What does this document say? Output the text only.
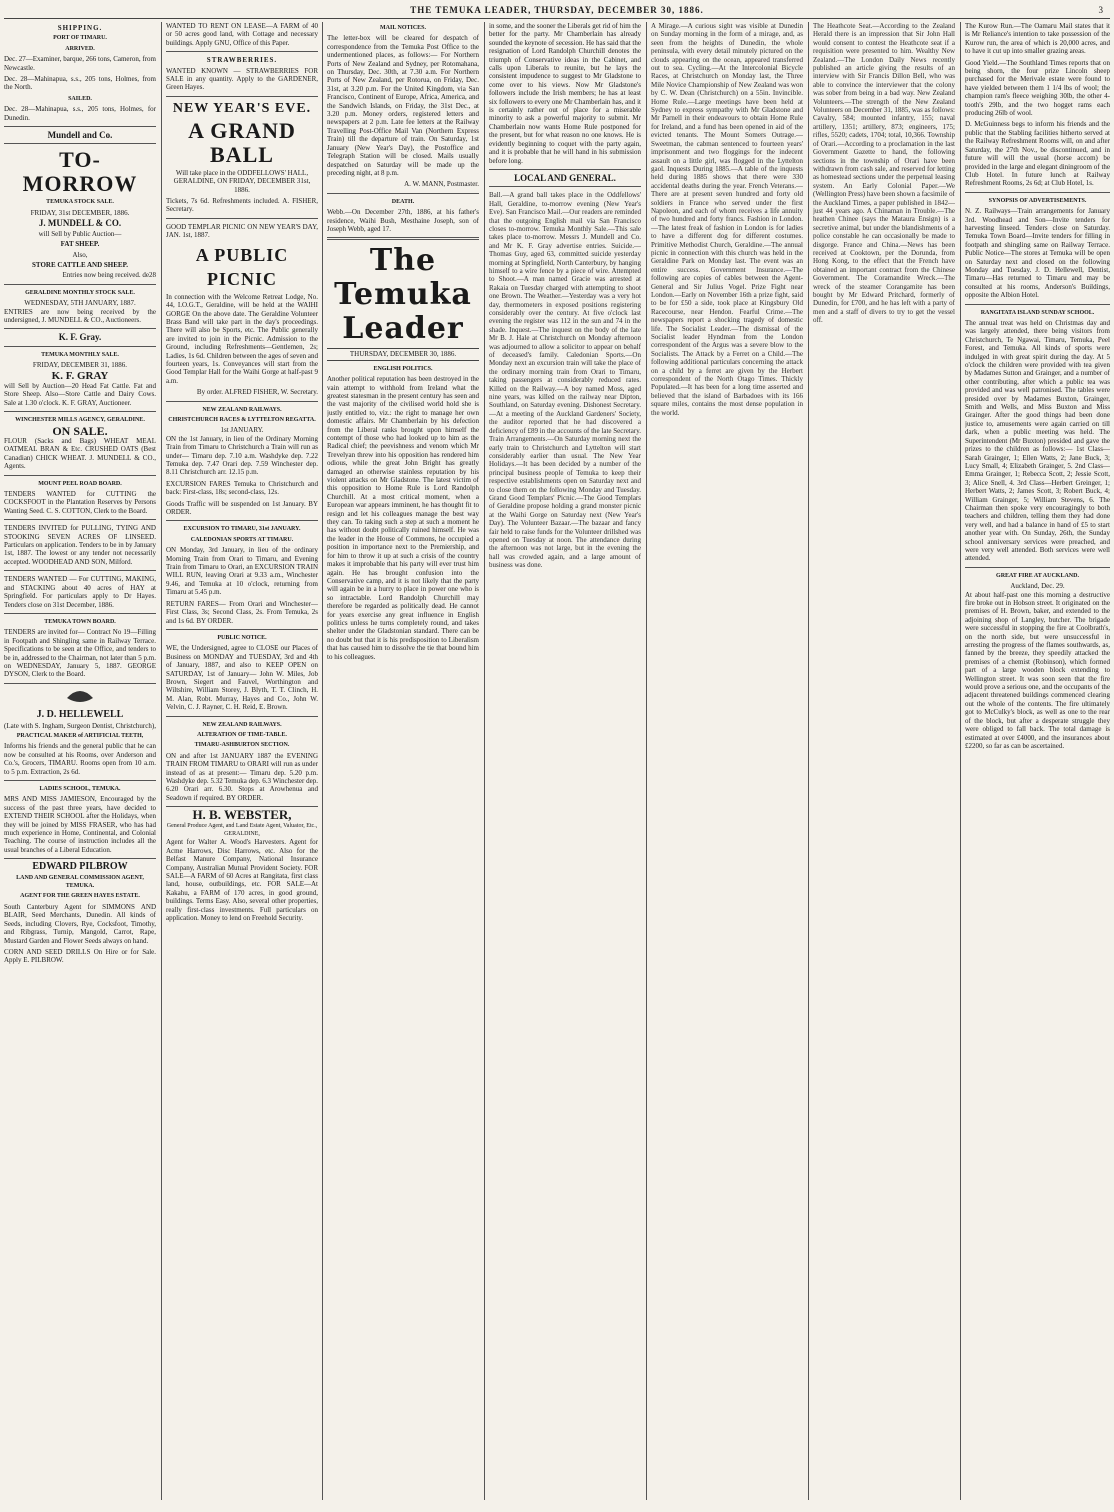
THE TEMUKA LEADER, THURSDAY, DECEMBER 30, 1886.	3
SHIPPING.
PORT OF TIMARU.
ARRIVED.

Dec. 27—Examiner, barque, 266 tons, Cameron, from Newcastle.

Dec. 28—Mahinapua, s.s., 205 tons, Holmes, from the North.

SAILED.

Dec. 28—Mahinapua, s.s., 205 tons, Holmes, for Dunedin.

Mundell and Co.
TO-MORROW
TEMUKA STOCK SALE.
FRIDAY, 31st DECEMBER, 1886.
J. MUNDELL & CO.
will Sell by Public Auction—
FAT SHEEP.
Also,
STORE CATTLE AND SHEEP.
Entries now being received. de28
GERALDINE MONTHLY STOCK SALE.
WEDNESDAY, 5TH JANUARY, 1887.

ENTRIES are now being received by the undersigned, J. MUNDELL & CO., Auctioneers.

K. F. Gray.
TEMUKA MONTHLY SALE.
FRIDAY, DECEMBER 31, 1886.
K. F. GRAY

will Sell by Auction—20 Head Fat Cattle. Fat and Store Sheep. Also—Store Cattle and Dairy Cows. Sale at 1.30 o'clock. K. F. GRAY, Auctioneer.

WINCHESTER MILLS AGENCY, GERALDINE.
ON SALE.

FLOUR (Sacks and Bags) WHEAT MEAL OATMEAL BRAN & Etc. CRUSHED OATS (Best Canadian) CHICK WHEAT. J. MUNDELL & CO., Agents.

MOUNT PEEL ROAD BOARD.

TENDERS WANTED for CUTTING the COCKSFOOT in the Plantation Reserves by Persons Wanting Seed. C. S. COTTON, Clerk to the Board.

TENDERS INVITED for PULLING, TYING AND STOOKING SEVEN ACRES OF LINSEED. Particulars on application. Tenders to be in by January 1st, 1887. The lowest or any tender not necessarily accepted. WOODHEAD AND SON, Milford.

TENDERS WANTED — For CUTTING, MAKING, and STACKING about 40 acres of HAY at Springfield. For particulars apply to Dr Hayes. Tenders close on 31st December, 1886.

TEMUKA TOWN BOARD.

TENDERS are invited for— Contract No 19—Filling in Footpath and Shingling same in Railway Terrace. Specifications to be seen at the Office, and tenders to be in, addressed to the Chairman, not later than 5 p.m. on WEDNESDAY, January 5, 1887. GEORGE DYSON, Clerk to the Board.

J. D. HELLEWELL
(Late with S. Ingham, Surgeon Dentist, Christchurch),
PRACTICAL MAKER of ARTIFICIAL TEETH,

Informs his friends and the general public that he can now be consulted at his Rooms, over Anderson and Co.'s, Grocers, TIMARU. Rooms open from 10 a.m. to 5 p.m. Extraction, 2s 6d.

LADIES SCHOOL, TEMUKA.

MRS AND MISS JAMIESON, Encouraged by the success of the past three years, have decided to EXTEND THEIR SCHOOL after the Holidays, when they will be joined by MISS FRASER, who has had much experience in Home, Continental, and Colonial Teaching. The course of instruction includes all the usual branches of a Liberal Education.

EDWARD PILBROW
LAND AND GENERAL COMMISSION AGENT, TEMUKA.
AGENT FOR THE GREEN HAYES ESTATE.

South Canterbury Agent for SIMMONS AND BLAIR, Seed Merchants, Dunedin. All kinds of Seeds, including Clovers, Rye, Cocksfoot, Timothy, and Ribgrass, Turnip, Mangold, Carrot, Rape, Mustard Garden and Flower Seeds always on hand.

CORN AND SEED DRILLS On Hire or for Sale. Apply E. PILBROW.

WANTED TO RENT ON LEASE—A FARM of 40 or 50 acres good land, with Cottage and necessary buildings. Apply GNU, Office of this Paper.

STRAWBERRIES.

WANTED KNOWN — STRAWBERRIES FOR SALE in any quantity. Apply to the GARDENER, Green Hayes.

NEW YEAR'S EVE.
A GRAND BALL

Will take place in the ODDFELLOWS' HALL, GERALDINE, ON FRIDAY, DECEMBER 31st, 1886.

Tickets, 7s 6d. Refreshments included. A. FISHER, Secretary.

GOOD TEMPLAR PICNIC ON NEW YEAR'S DAY, JAN. 1st, 1887.

A PUBLIC PICNIC

In connection with the Welcome Retreat Lodge, No. 44, I.O.G.T., Geraldine, will be held at the WAIHI GORGE On the above date. The Geraldine Volunteer Brass Band will take part in the day's proceedings. There will also be Sports, etc. The Public generally are invited to join in the Picnic. Admission to the Ground, including Refreshments—Gentlemen, 2s; Ladies, 1s 6d. Children between the ages of seven and fourteen years, 1s. Conveyances will start from the Good Templar Hall for the Waihi Gorge at half-past 9 a.m.

By order. ALFRED FISHER, W. Secretary.

NEW ZEALAND RAILWAYS.
CHRISTCHURCH RACES & LYTTELTON REGATTA.
1st JANUARY.

ON the 1st January, in lieu of the Ordinary Morning Train from Timaru to Christchurch a Train will run as under— Timaru dep. 7.10 a.m. Washdyke dep. 7.22 Temuka dep. 7.47 Orari dep. 7.59 Winchester dep. 8.11 Christchurch arr. 12.15 p.m.

EXCURSION FARES Temuka to Christchurch and back: First-class, 18s; second-class, 12s.

Goods Traffic will be suspended on 1st January. BY ORDER.

EXCURSION TO TIMARU, 31st JANUARY.
CALEDONIAN SPORTS AT TIMARU.

ON Monday, 3rd January, in lieu of the ordinary Morning Train from Orari to Timaru, and Evening Train from Timaru to Orari, an EXCURSION TRAIN WILL RUN, leaving Orari at 9.33 a.m., Winchester 9.46, and Temuka at 10 o'clock, returning from Timaru at 5.45 p.m.

RETURN FARES— From Orari and Winchester—First Class, 3s; Second Class, 2s. From Temuka, 2s and 1s 6d. BY ORDER.

PUBLIC NOTICE.

WE, the Undersigned, agree to CLOSE our Places of Business on MONDAY and TUESDAY, 3rd and 4th of January, 1887, and also to KEEP OPEN on SATURDAY, 1st of January— John W. Miles, Job Brown, Siegert and Fauvel, Worthington and Wiltshire, William Storey, J. Blyth, T. T. Clinch, H. M. Alan, Robt. Murray, Hayes and Co., John W. Velvin, C. J. Rayner, C. H. Reid, E. Brown.

NEW ZEALAND RAILWAYS.
ALTERATION OF TIME-TABLE.
TIMARU-ASHBURTON SECTION.

ON and after 1st JANUARY 1887 the EVENING TRAIN FROM TIMARU to ORARI will run as under instead of as at present:— Timaru dep. 5.20 p.m. Washdyke dep. 5.32 Temuka dep. 6.3 Winchester dep. 6.20 Orari arr. 6.30. Stops at Arowhenua and Seadown if required. BY ORDER.

H. B. WEBSTER,
General Produce Agent, and Land Estate Agent, Valuator, Etc., GERALDINE,

Agent for Walter A. Wood's Harvesters. Agent for Acme Harrows, Disc Harrows, etc. Also for the Belfast Manure Company, National Insurance Company, Australian Mutual Provident Society. FOR SALE—A FARM of 60 Acres at Rangitata, first class land, house, outbuildings, etc. FOR SALE—At Kakahu, a FARM of 170 acres, in good ground, buildings. Terms Easy. Also, several other properties, really first-class investments. Full particulars on application. Money to lend on Freehold Security.

MAIL NOTICES.

The letter-box will be cleared for despatch of correspondence from the Temuka Post Office to the undermentioned places, as follows:— For Northern Ports of New Zealand and Sydney, per Rotomahana, on Thursday, Dec. 30th, at 7.30 a.m. For Northern Ports of New Zealand, per Rotorua, on Friday, Dec. 31st, at 3.20 p.m. For the United Kingdom, via San Francisco, Continent of Europe, Africa, America, and the Sandwich Islands, on Friday, the 31st Dec., at 3.20 p.m. Money orders, registered letters and newspapers at 2 p.m. Late fee letters at the Railway Travelling Post-Office Mail Van (Northern Express Train) till the departure of train. On Saturday, 1st January (New Year's Day), the Postoffice and Telegraph Station will be closed. Mails usually despatched on Saturday will be made up the preceding night, at 8 p.m.

A. W. MANN, Postmaster.

DEATH.

Webb.—On December 27th, 1886, at his father's residence, Waihi Bush, Mesthaine Joseph, son of Joseph Webb, aged 17.

The Temuka Leader
THURSDAY, DECEMBER 30, 1886.
ENGLISH POLITICS.

Another political reputation has been destroyed in the vain attempt to withhold from Ireland what the greatest statesman in the present century has seen and the vast majority of the civilised world hold she is justly entitled to, viz.: the right to manage her own domestic affairs. Mr Chamberlain by his defection from the Liberal ranks brought upon himself the contempt of those who had looked up to him as the Radical chief; the peevishness and venom which Mr Trevelyan threw into his opposition has rendered him odious, while the great John Bright has greatly damaged an otherwise stainless reputation by his violent attacks on Mr Gladstone. The latest victim of this opposition to Home Rule is Lord Randolph Churchill. At a most critical moment, when a European war appears imminent, he has thought fit to resign and let his colleagues manage the best way they can. To taking such a step at such a moment he has without doubt politically ruined himself. He was the leader in the House of Commons, he occupied a position in importance next to the Premiership, and for him to throw it up at such a crisis of the country makes it improbable that his party will ever trust him again. He has brought confusion into the Conservative camp, and it is not likely that the party will again be in a hurry to place in power one who is so intractable. Lord Randolph Churchill may therefore be regarded as politically dead. He cannot for years exercise any great influence in English politics unless he turns completely round, and takes shelter under the Gladstonian standard. There can be no doubt but that it is his predisposition to Liberalism that has caused him to dissolve the tie that bound him to his colleagues.

in some, and the sooner the Liberals get rid of him the better for the party. Mr Chamberlain has already sounded the keynote of secession. He has said that the resignation of Lord Randolph Churchill denotes the triumph of Conservative ideas in the Cabinet, and calls upon Liberals to reunite, but he lays the consistent impudence to suggest to Mr Gladstone to come over to his views. Now Mr Gladstone's followers include the Irish members; he has at least six followers to every one Mr Chamberlain has, and it is certainly rather out of place for a miserable minority to ask a powerful majority to submit. Mr Chamberlain now wants Home Rule postponed for the present, but for what reason no one knows. He is evidently beginning to coquet with the party again, and it is probable that he will hand in his submission before long.

LOCAL AND GENERAL.

Ball.—A grand ball takes place in the Oddfellows' Hall, Geraldine, to-morrow evening (New Year's Eve). San Francisco Mail.—Our readers are reminded that the outgoing English mail via San Francisco closes to-morrow. Temuka Monthly Sale.—This sale takes place to-morrow. Messrs J. Mundell and Co. and Mr K. F. Gray advertise entries. Suicide.—Thomas Guy, aged 63, committed suicide yesterday morning at Springfield, North Canterbury, by hanging himself to a wire fence by a piece of wire. Attempted to Shoot.—A man named Gracie was arrested at Rakaia on Tuesday charged with attempting to shoot one Brown. The Weather.—Yesterday was a very hot day, thermometers in exposed positions registering considerably over the century. At five o'clock last evening the register was 112 in the sun and 74 in the shade. Inquest.—The inquest on the body of the late Mr B. J. Hale at Christchurch on Monday afternoon was adjourned to allow a solicitor to appear on behalf of deceased's family. Caledonian Sports.—On Monday next an excursion train will take the place of the ordinary morning train from Orari to Timaru, taking passengers at considerably reduced rates. Killed on the Railway.—A boy named Moss, aged nine years, was killed on the railway near Dipton, Southland, on Saturday evening. Dishonest Secretary.—At a meeting of the Auckland Gardeners' Society, the auditor reported that he had discovered a deficiency of £89 in the accounts of the late Secretary. Train Arrangements.—On Saturday morning next the early train to Christchurch and Lyttelton will start considerably earlier than usual. The New Year Holidays.—It has been decided by a number of the principal business people of Temuka to keep their respective establishments open on Saturday next and to close them on the following Monday and Tuesday. Grand Good Templars' Picnic.—The Good Templars of Geraldine propose holding a grand monster picnic at the Waihi Gorge on Saturday next (New Year's Day). The Volunteer Bazaar.—The bazaar and fancy fair held to raise funds for the Volunteer drillshed was opened on Tuesday at noon. The attendance during the afternoon was not large, but in the evening the hall was crowded again, and a large amount of business was done.

A Mirage.—A curious sight was visible at Dunedin on Sunday morning in the form of a mirage, and, as seen from the heights of Dunedin, the whole peninsula, with every detail minutely pictured on the clouds appearing on the ocean, appeared transferred out to sea. Cycling.—At the Intercolonial Bicycle Races, at Christchurch on Monday last, the Three Mile Novice Championship of New Zealand was won by C. W. Dean (Christchurch) on a 55in. Invincible. Home Rule.—Large meetings have been held at Sydney to express sympathy with Mr Gladstone and Mr Parnell in their endeavours to obtain Home Rule for Ireland, and a fund has been opened in aid of the evicted tenants. The Mount Somers Outrage.—Sweetman, the cabman sentenced to fourteen years' imprisonment and two floggings for the indecent assault on a little girl, was flogged in the Lyttelton gaol. Inquests During 1885.—A table of the inquests held during 1885 shows that there were 330 accidental deaths during the year. French Veterans.—There are at present seven hundred and forty old soldiers in France who served under the first Napoleon, and each of whom receives a life annuity of two hundred and forty francs. Fashion in London.—The latest freak of fashion in London is for ladies to have a different dog for different costumes. Primitive Methodist Church, Geraldine.—The annual picnic in connection with this church was held in the Geraldine Park on Monday last. The event was an entire success. Government Insurance.—The following are copies of cables between the Agent-General and Sir Julius Vogel. Prize Fight near London.—Early on November 16th a prize fight, said to be for £50 a side, took place at Kingsbury Old Racecourse, near Hendon. Fearful Crime.—The newspapers report a shocking tragedy of domestic life. The Socialist Leader.—The dismissal of the Socialist leader Hyndman from the London correspondent of the Argus was a severe blow to the Socialists. The Attack by a Ferret on a Child.—The following additional particulars concerning the attack on a child by a ferret are given by the Herbert correspondent of the North Otago Times. Thickly Populated.—It has been for a long time asserted and believed that the island of Barbadoes with its 166 square miles, contains the most dense population in the world.

The Heathcote Seat.—According to the Zealand Herald there is an impression that Sir John Hall would consent to contest the Heathcote seat if a requisition were presented to him. Wealthy New Zealand.—The London Daily News recently published an article giving the results of an interview with Sir Francis Dillon Bell, who was able to convince the interviewer that the colony was sober from being in a bad way. New Zealand Volunteers.—The strength of the New Zealand Volunteers on December 31, 1885, was as follows: Cavalry, 584; mounted infantry, 155; naval artillery, 1351; artillery, 873; engineers, 175; rifles, 5520; cadets, 1704; total, 10,366. Township of Orari.—According to a proclamation in the last Government Gazette to hand, the following sections in the township of Orari have been withdrawn from cash sale, and reserved for letting as homestead sections under the perpetual leasing system. An Early Colonial Paper.—We (Wellington Press) have been shown a facsimile of the Auckland Times, a paper published in 1842—just 44 years ago. A Chinaman in Trouble.—The heathen Chinee (says the Mataura Ensign) is a secretive animal, but under the blandishments of a police constable he can occasionally be made to disgorge. France and China.—News has been received at Cooktown, per the Dorunda, from Hong Kong, to the effect that the French have obtained an important contract from the Chinese Government. The Coramandite Wreck.—The wreck of the steamer Corangamite has been bought by Mr Edward Pritchard, formerly of Dunedin, for £700, and he has left with a party of men and a staff of divers to try to get the vessel off.

The Kurow Run.—The Oamaru Mail states that it is Mr Reliance's intention to take possession of the Kurow run, the area of which is 20,000 acres, and to have it cut up into smaller grazing areas.

Good Yield.—The Southland Times reports that on being shorn, the four prize Lincoln sheep purchased for the Merivale estate were found to have yielded between them 1 1/4 lbs of wool; the champion ram's fleece weighing 30lb, the other 4-tooth's 29lb, and the two hogget rams each producing 26lb of wool.

D. McGuinness begs to inform his friends and the public that the Stabling facilities hitherto served at the Railway Refreshment Rooms will, on and after Saturday, the 27th Nov., be discontinued, and in future will will the usual (horse accom) be provided in the large and elegant diningroom of the Club Hotel. In future lunch at Railway Refreshment Rooms, 2s 6d; at Club Hotel, 1s.

SYNOPSIS OF ADVERTISEMENTS.

N. Z. Railways—Train arrangements for January 3rd. Woodhead and Son—Invite tenders for harvesting linseed. Tenders close on Saturday. Temuka Town Board—Invite tenders for filling in footpath and shingling same on Railway Terrace. Public Notice—The stores at Temuka will be open on Saturday next and closed on the following Monday and Tuesday. J. D. Hellewell, Dentist, Timaru—Has returned to Timaru and may be consulted at his rooms, Anderson's Buildings, opposite the Albion Hotel.

RANGITATA ISLAND SUNDAY SCHOOL.

The annual treat was held on Christmas day and was largely attended, there being visitors from Christchurch, Te Ngawai, Timaru, Temuka, Peel Forest, and Temuka. All kinds of sports were indulged in with great spirit during the day. At 5 o'clock the children were provided with tea given by Madames Sutton and Grainger, and a number of other contributing, after which a public tea was provided and was well patronised. The tables were presided over by Madames Buxton, Grainger, Smith and Wells, and Miss Buxton and Miss Grainger. After the good things had been done justice to, amusements were again carried on till dark, when a public meeting was held. The Superintendent (Mr Buxton) presided and gave the prizes to the children as follows:— 1st Class—Sarah Grainger, 1; Ellen Watts, 2; Jane Buck, 3; Lucy Small, 4; Elizabeth Grainger, 5. 2nd Class—Emma Grainger, 1; Rebecca Scott, 2; Jessie Scott, 3; Alice Snell, 4. 3rd Class—Herbert Greinger, 1; Herbert Watts, 2; James Scott, 3; Robert Buck, 4; William Grainger, 5; William Stevens, 6. The Chairman then spoke very encouragingly to both teachers and children, telling them they had done very well, and had a balance in hand of £5 to start another year with. On Sunday, 26th, the Sunday school anniversary services were preached, and were very well attended. Both services were well attended.

GREAT FIRE AT AUCKLAND.
Auckland, Dec. 29.

At about half-past one this morning a destructive fire broke out in Hobson street. It originated on the premises of H. Brown, baker, and extended to the adjoining shop of Langley, butcher. The brigade were successful in stopping the fire at Coolbrath's, on the north side, but were unsuccessful in arresting the progress of the flames southwards, as, fanned by the breeze, they speedily attacked the premises of a chemist (Robinson), which formed part of a large wooden block extending to Wellington street. It was soon seen that the fire would prove a serious one, and the occupants of the adjacent threatened buildings commenced clearing out the whole of the contents. The fire ultimately got to McCulky's block, as well as one to the rear of the block, but after a desperate struggle they were obliged to fall back. The total damage is estimated at over £4000, and the insurances about £2200, so far as can be ascertained.
